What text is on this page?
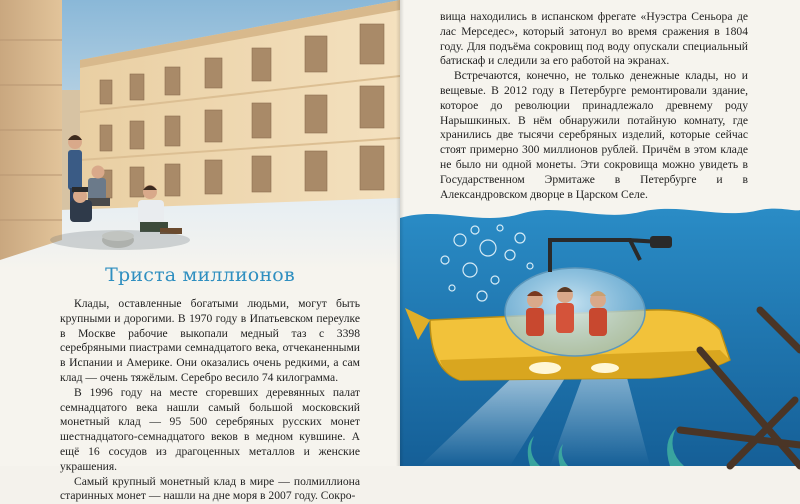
Триста миллионов

Клады, оставленные богатыми людьми, могут быть крупными и дорогими. В 1970 году в Ипатьевском переулке в Москве рабочие выкопали медный таз с 3398 серебряными пиастрами семнадцатого века, отчеканенными в Испании и Америке. Они оказались очень редкими, а сам клад — очень тяжёлым. Серебро весило 74 килограмма.

В 1996 году на месте сгоревших деревянных палат семнадцатого века нашли самый большой московский монетный клад — 95 500 серебряных русских монет шестнадцатого-семнадцатого веков в медном кувшине. А ещё 16 сосудов из драгоценных металлов и женские украшения.

Самый крупный монетный клад в мире — полмиллиона старинных монет — нашли на дне моря в 2007 году. Сокро-

вища находились в испанском фрегате «Нуэстра Сеньора де лас Мерседес», который затонул во время сражения в 1804 году. Для подъёма сокровищ под воду опускали специальный батискаф и следили за его работой на экранах.

Встречаются, конечно, не только денежные клады, но и вещевые. В 2012 году в Петербурге ремонтировали здание, которое до революции принадлежало древнему роду Нарышкиных. В нём обнаружили потайную комнату, где хранились две тысячи серебряных изделий, которые сейчас стоят примерно 300 миллионов рублей. Причём в этом кладе не было ни одной монеты. Эти сокровища можно увидеть в Государственном Эрмитаже в Петербурге и в Александровском дворце в Царском Селе.
